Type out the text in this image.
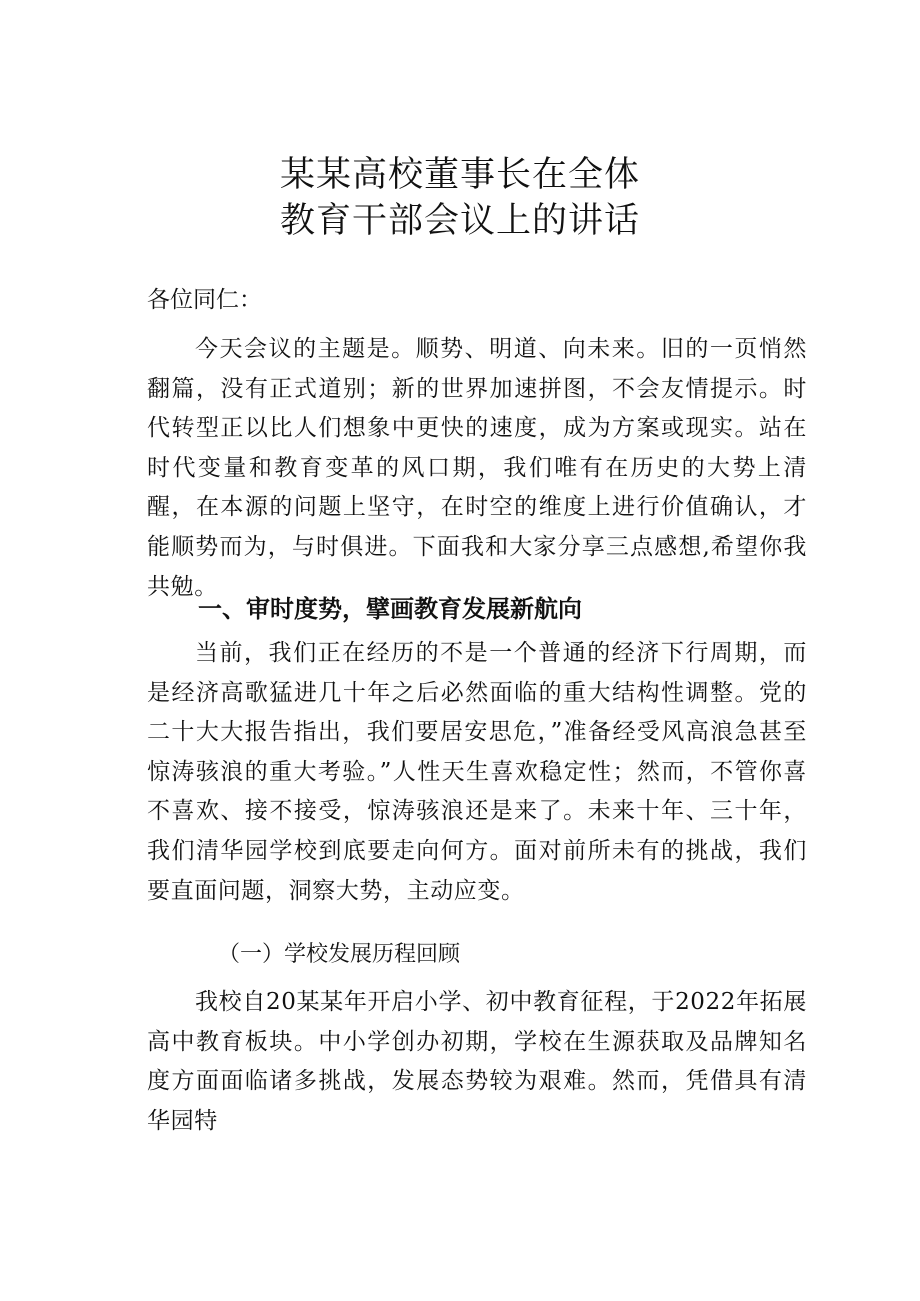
某某高校董事长在全体
教育干部会议上的讲话
各位同仁：
今天会议的主题是。顺势、明道、向未来。旧的一页悄然翻篇，没有正式道别；新的世界加速拼图，不会友情提示。时代转型正以比人们想象中更快的速度，成为方案或现实。站在时代变量和教育变革的风口期，我们唯有在历史的大势上清醒，在本源的问题上坚守，在时空的维度上进行价值确认，才能顺势而为，与时俱进。下面我和大家分享三点感想,希望你我共勉。
一、审时度势，擘画教育发展新航向
当前，我们正在经历的不是一个普通的经济下行周期，而是经济高歌猛进几十年之后必然面临的重大结构性调整。党的二十大大报告指出，我们要居安思危，”准备经受风高浪急甚至惊涛骇浪的重大考验。”人性天生喜欢稳定性；然而，不管你喜不喜欢、接不接受，惊涛骇浪还是来了。未来十年、三十年，我们清华园学校到底要走向何方。面对前所未有的挑战，我们要直面问题，洞察大势，主动应变。
（一）学校发展历程回顾
我校自20某某年开启小学、初中教育征程，于2022年拓展高中教育板块。中小学创办初期，学校在生源获取及品牌知名度方面面临诸多挑战，发展态势较为艰难。然而，凭借具有清华园特
